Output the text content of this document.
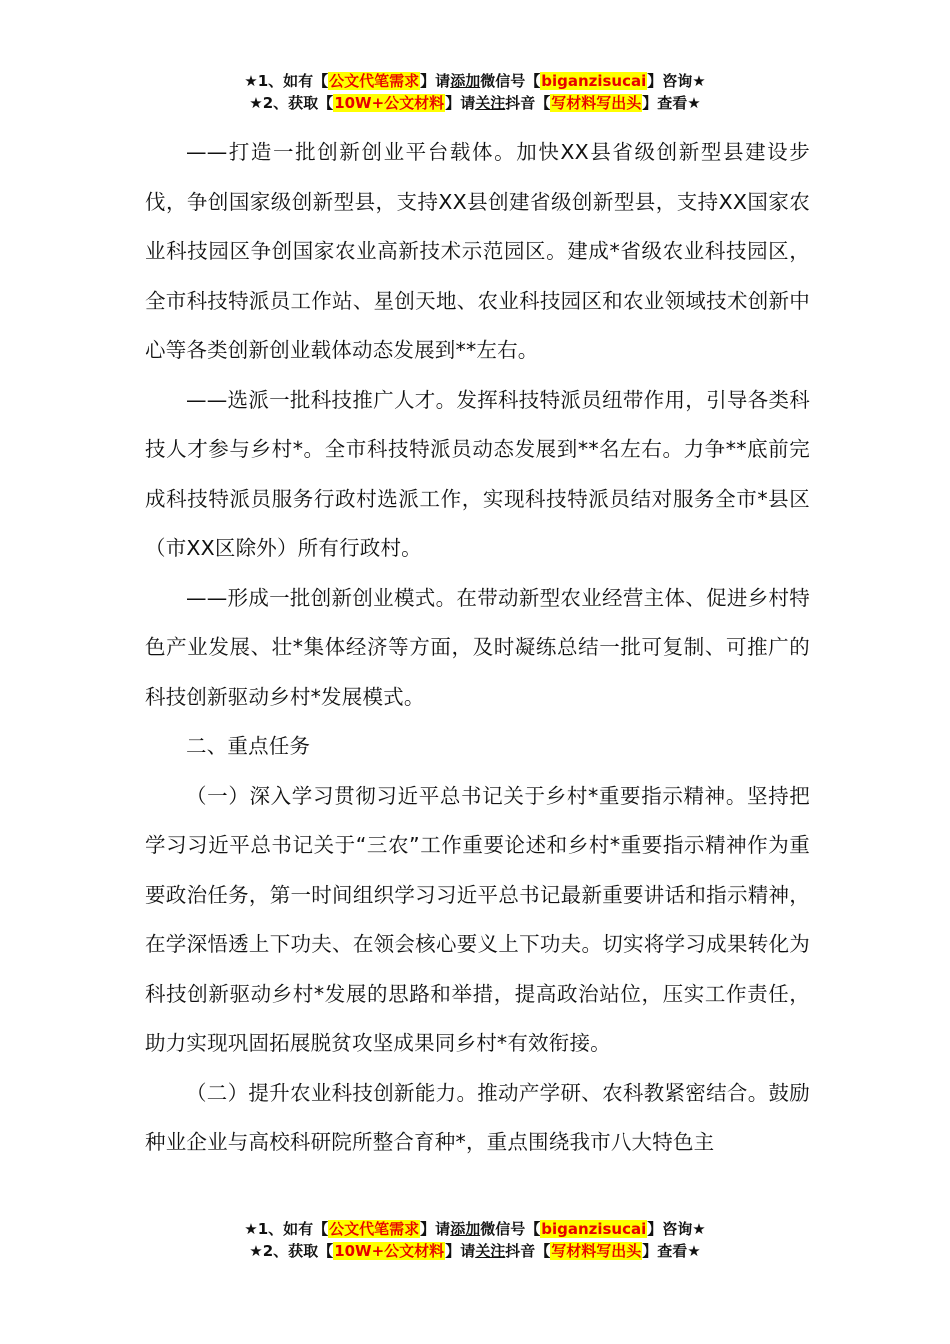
★1、如有【公文代笔需求】请添加微信号【biganzisucai】咨询★
★2、获取【10W+公文材料】请关注抖音【写材料写出头】查看★

——打造一批创新创业平台载体。加快XX县省级创新型县建设步伐，争创国家级创新型县，支持XX县创建省级创新型县，支持XX国家农业科技园区争创国家农业高新技术示范园区。建成*省级农业科技园区，全市科技特派员工作站、星创天地、农业科技园区和农业领域技术创新中心等各类创新创业载体动态发展到**左右。

——选派一批科技推广人才。发挥科技特派员纽带作用，引导各类科技人才参与乡村*。全市科技特派员动态发展到**名左右。力争**底前完成科技特派员服务行政村选派工作，实现科技特派员结对服务全市*县区（市XX区除外）所有行政村。

——形成一批创新创业模式。在带动新型农业经营主体、促进乡村特色产业发展、壮*集体经济等方面，及时凝练总结一批可复制、可推广的科技创新驱动乡村*发展模式。

二、重点任务

（一）深入学习贯彻习近平总书记关于乡村*重要指示精神。坚持把学习习近平总书记关于“三农”工作重要论述和乡村*重要指示精神作为重要政治任务，第一时间组织学习习近平总书记最新重要讲话和指示精神，在学深悟透上下功夫、在领会核心要义上下功夫。切实将学习成果转化为科技创新驱动乡村*发展的思路和举措，提高政治站位，压实工作责任，助力实现巩固拓展脱贫攻坚成果同乡村*有效衔接。

（二）提升农业科技创新能力。推动产学研、农科教紧密结合。鼓励种业企业与高校科研院所整合育种*，重点围绕我市八大特色主

★1、如有【公文代笔需求】请添加微信号【biganzisucai】咨询★
★2、获取【10W+公文材料】请关注抖音【写材料写出头】查看★
